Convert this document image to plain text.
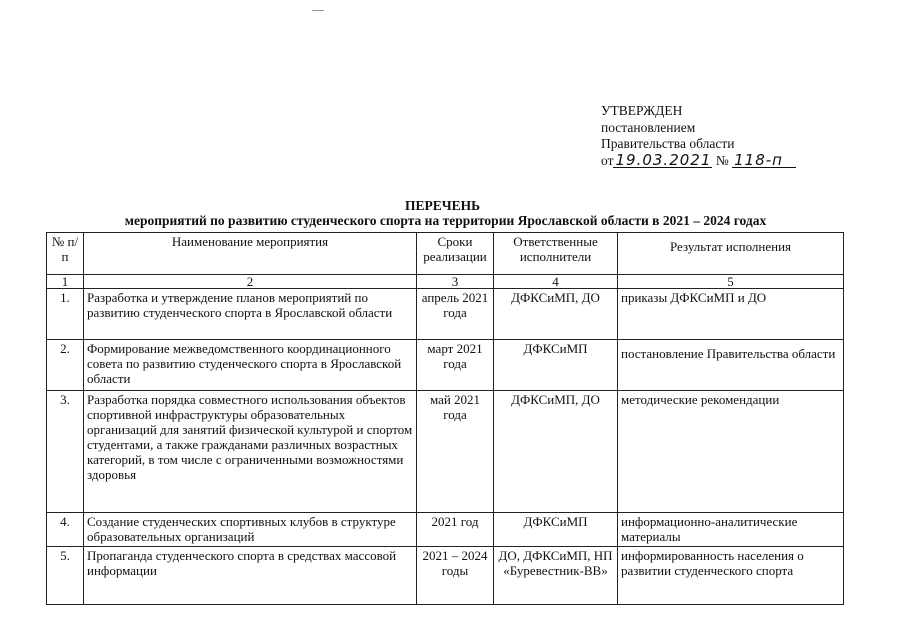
УТВЕРЖДЕН
постановлением
Правительства области
от 19.03.2021 № 118-п
ПЕРЕЧЕНЬ
мероприятий по развитию студенческого спорта на территории Ярославской области в 2021 – 2024 годах
№ п/п	Наименование мероприятия	Сроки реализации	Ответственные исполнители	Результат исполнения
1	2	3	4	5
1.	Разработка и утверждение планов мероприятий по развитию студенческого спорта в Ярославской области	апрель 2021 года	ДФКСиМП, ДО	приказы ДФКСиМП и ДО
2.	Формирование межведомственного координационного совета по развитию студенческого спорта в Ярославской области	март 2021 года	ДФКСиМП	постановление Правительства области
3.	Разработка порядка совместного использования объектов спортивной инфраструктуры образовательных организаций для занятий физической культурой и спортом студентами, а также гражданами различных возрастных категорий, в том числе с ограниченными возможностями здоровья	май 2021 года	ДФКСиМП, ДО	методические рекомендации
4.	Создание студенческих спортивных клубов в структуре образовательных организаций	2021 год	ДФКСиМП	информационно-аналитические материалы
5.	Пропаганда студенческого спорта в средствах массовой информации	2021 – 2024 годы	ДО, ДФКСиМП, НП «Буревестник-ВВ»	информированность населения о развитии студенческого спорта
